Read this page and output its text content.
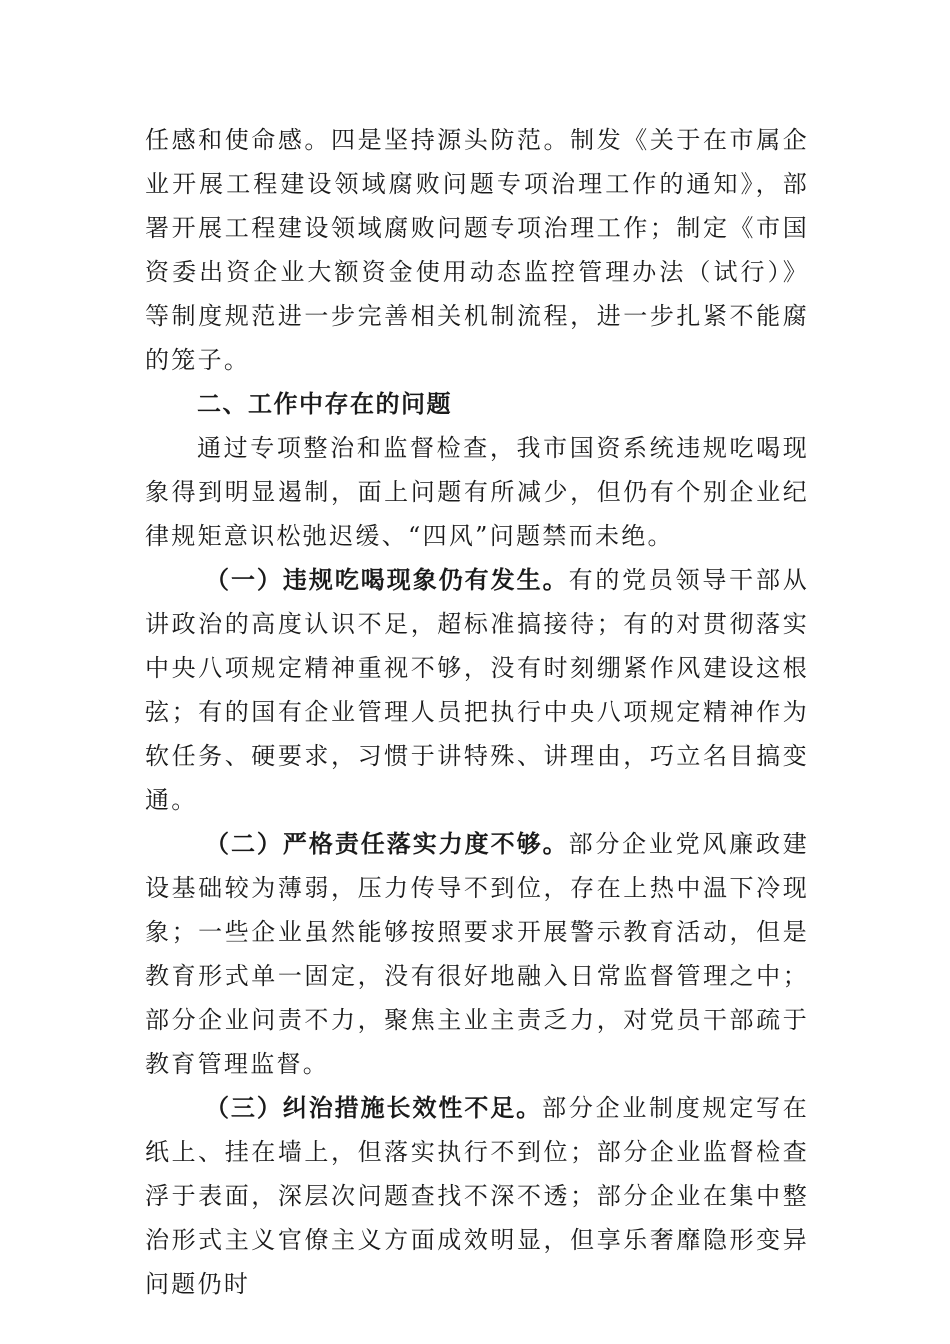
任感和使命感。四是坚持源头防范。制发《关于在市属企业开展工程建设领域腐败问题专项治理工作的通知》，部署开展工程建设领域腐败问题专项治理工作；制定《市国资委出资企业大额资金使用动态监控管理办法（试行）》等制度规范进一步完善相关机制流程，进一步扎紧不能腐的笼子。

二、工作中存在的问题

通过专项整治和监督检查，我市国资系统违规吃喝现象得到明显遏制，面上问题有所减少，但仍有个别企业纪律规矩意识松弛迟缓、“四风”问题禁而未绝。

（一）违规吃喝现象仍有发生。有的党员领导干部从讲政治的高度认识不足，超标准搞接待；有的对贯彻落实中央八项规定精神重视不够，没有时刻绷紧作风建设这根弦；有的国有企业管理人员把执行中央八项规定精神作为软任务、硬要求，习惯于讲特殊、讲理由，巧立名目搞变通。

（二）严格责任落实力度不够。部分企业党风廉政建设基础较为薄弱，压力传导不到位，存在上热中温下冷现象；一些企业虽然能够按照要求开展警示教育活动，但是教育形式单一固定，没有很好地融入日常监督管理之中；部分企业问责不力，聚焦主业主责乏力，对党员干部疏于教育管理监督。

（三）纠治措施长效性不足。部分企业制度规定写在纸上、挂在墙上，但落实执行不到位；部分企业监督检查浮于表面，深层次问题查找不深不透；部分企业在集中整治形式主义官僚主义方面成效明显，但享乐奢靡隐形变异问题仍时
